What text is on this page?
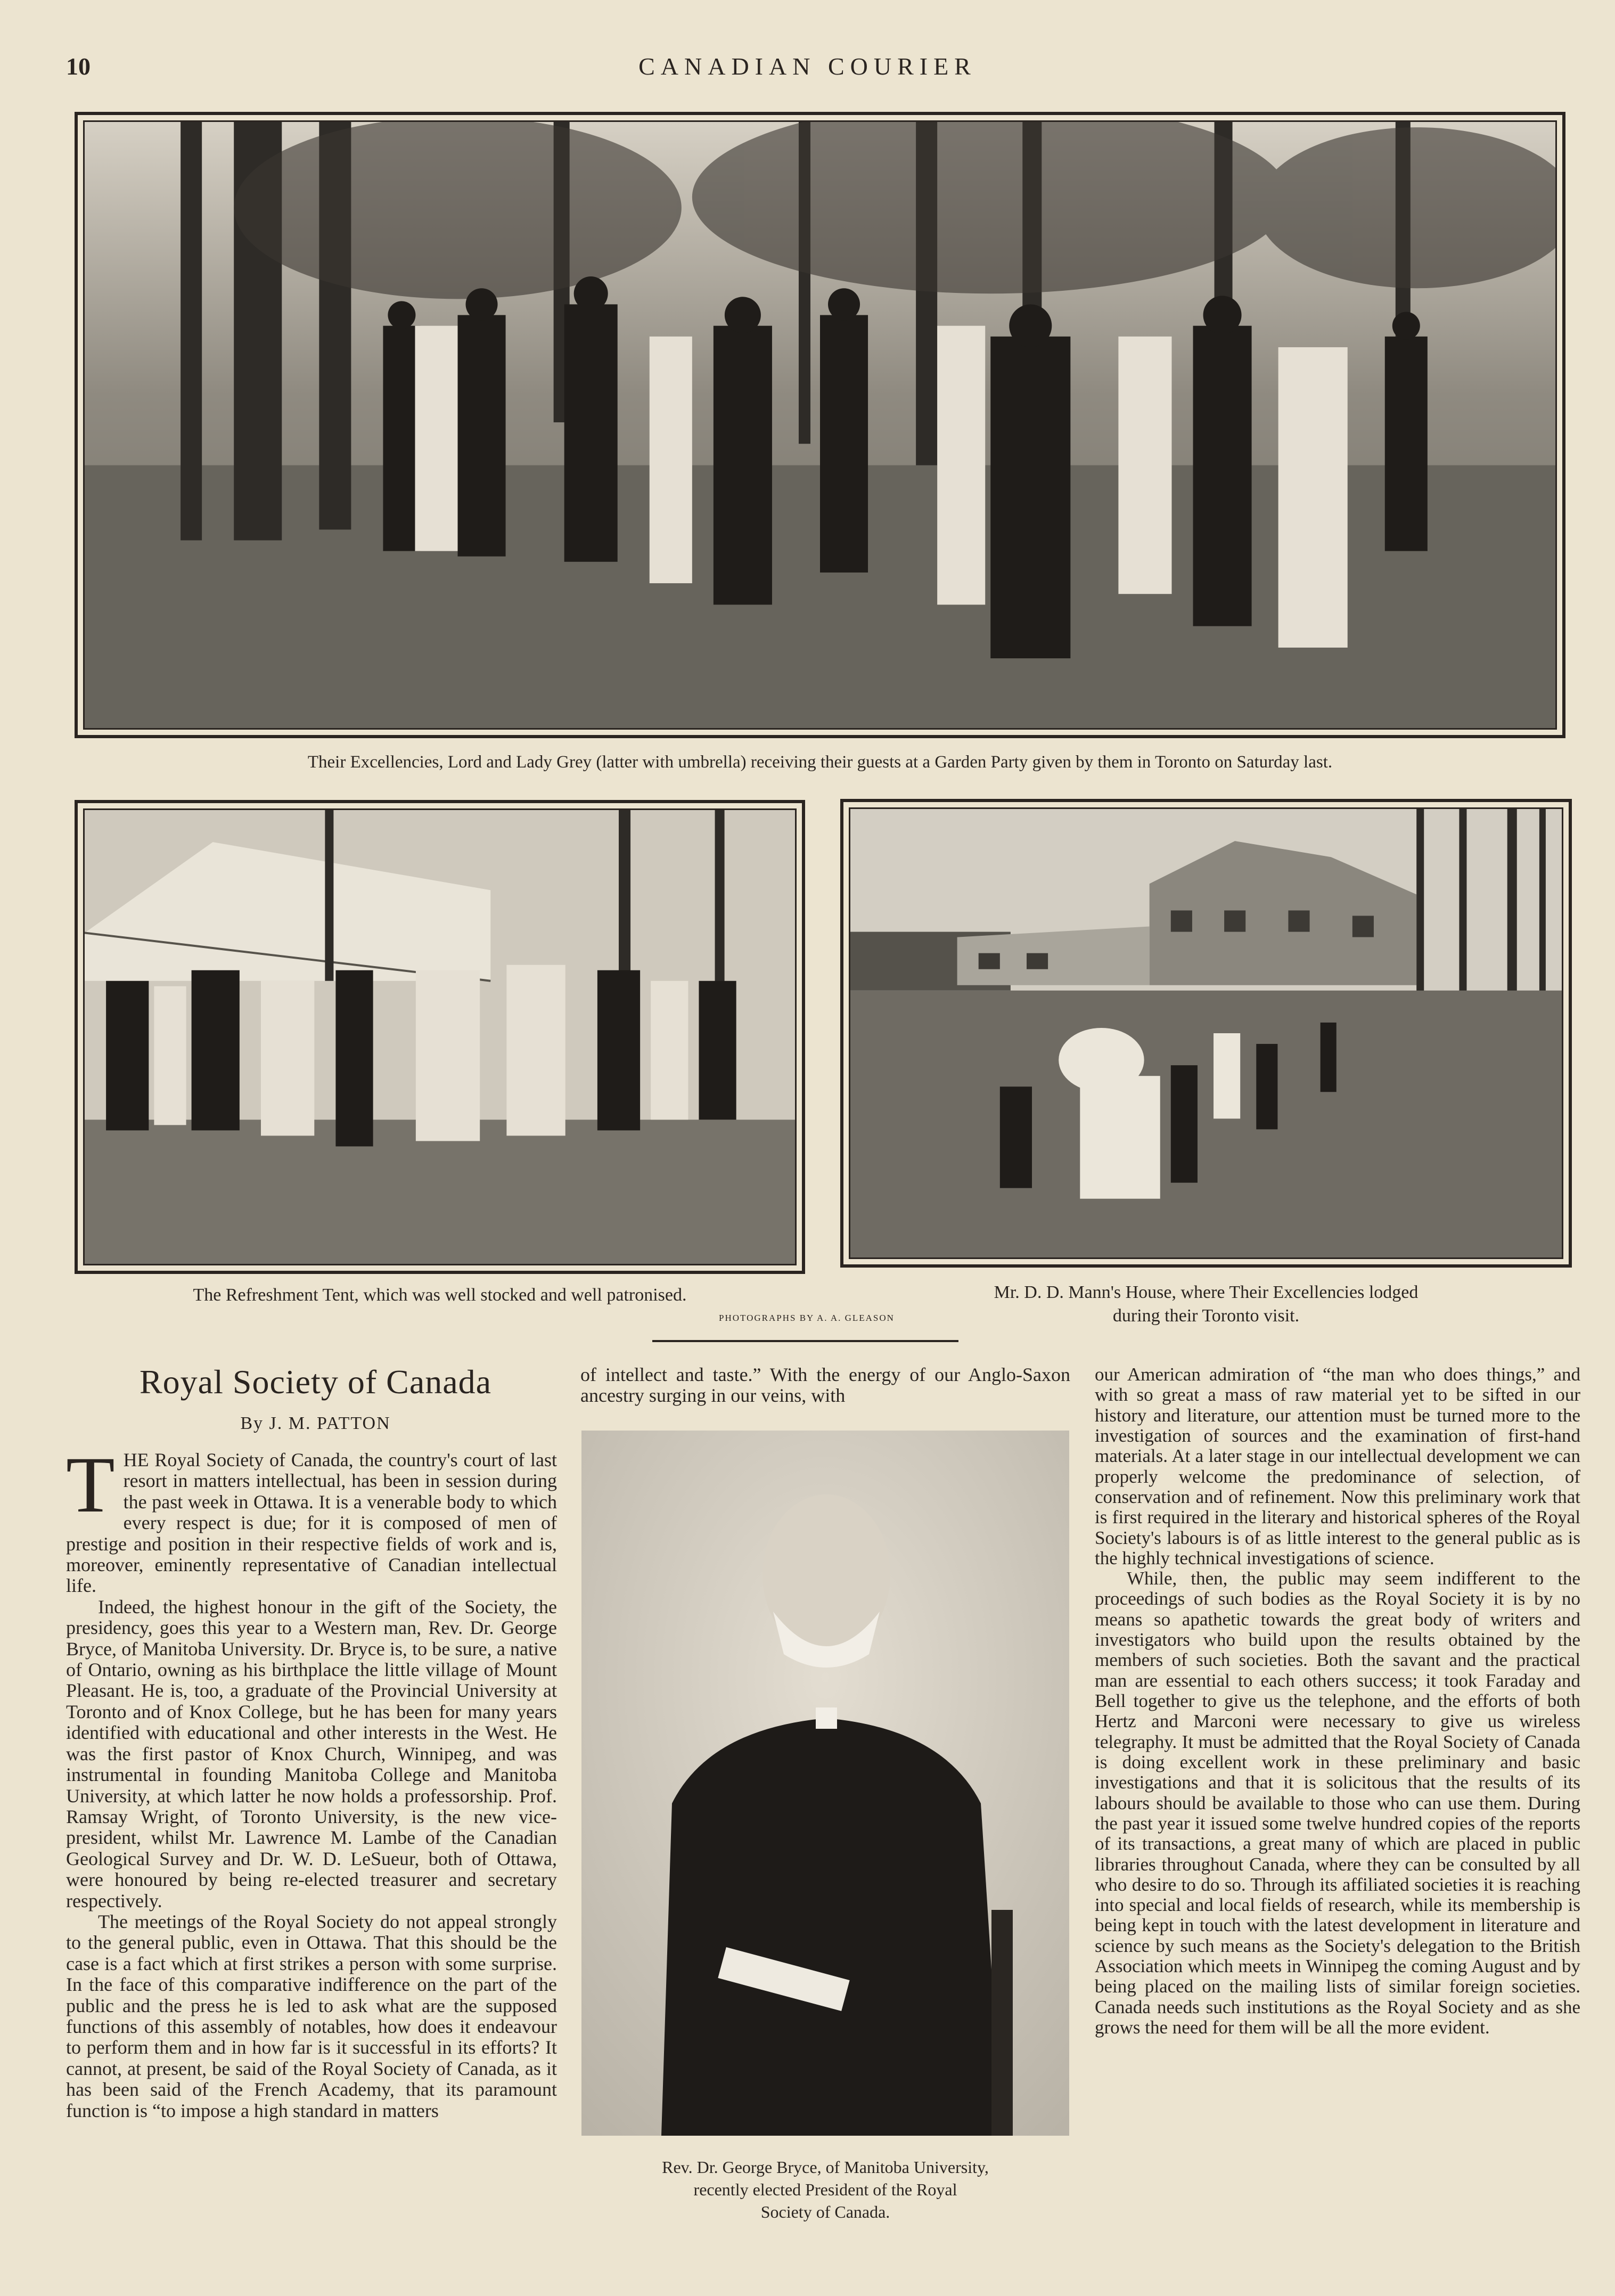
10	CANADIAN COURIER
Their Excellencies, Lord and Lady Grey (latter with umbrella) receiving their guests at a Garden Party given by them in Toronto on Saturday last.
The Refreshment Tent, which was well stocked and well patronised.
PHOTOGRAPHS BY A. A. GLEASON
Mr. D. D. Mann's House, where Their Excellencies lodged
during their Toronto visit.
Royal Society of Canada
By J. M. PATTON

THE Royal Society of Canada, the country's court of last resort in matters intellectual, has been in session during the past week in Ottawa. It is a venerable body to which every respect is due; for it is composed of men of prestige and position in their respective fields of work and is, moreover, eminently representative of Canadian intellectual life.

Indeed, the highest honour in the gift of the Society, the presidency, goes this year to a Western man, Rev. Dr. George Bryce, of Manitoba University. Dr. Bryce is, to be sure, a native of Ontario, owning as his birthplace the little village of Mount Pleasant. He is, too, a graduate of the Provincial University at Toronto and of Knox College, but he has been for many years identified with educational and other interests in the West. He was the first pastor of Knox Church, Winnipeg, and was instrumental in founding Manitoba College and Manitoba University, at which latter he now holds a professorship. Prof. Ramsay Wright, of Toronto University, is the new vice-president, whilst Mr. Lawrence M. Lambe of the Canadian Geological Survey and Dr. W. D. LeSueur, both of Ottawa, were honoured by being re-elected treasurer and secretary respectively.

The meetings of the Royal Society do not appeal strongly to the general public, even in Ottawa. That this should be the case is a fact which at first strikes a person with some surprise. In the face of this comparative indifference on the part of the public and the press he is led to ask what are the supposed functions of this assembly of notables, how does it endeavour to perform them and in how far is it successful in its efforts? It cannot, at present, be said of the Royal Society of Canada, as it has been said of the French Academy, that its paramount function is “to impose a high standard in matters

of intellect and taste.” With the energy of our Anglo-Saxon ancestry surging in our veins, with
Rev. Dr. George Bryce, of Manitoba University,
recently elected President of the Royal
Society of Canada.

our American admiration of “the man who does things,” and with so great a mass of raw material yet to be sifted in our history and literature, our attention must be turned more to the investigation of sources and the examination of first-hand materials. At a later stage in our intellectual development we can properly welcome the predominance of selection, of conservation and of refinement. Now this preliminary work that is first required in the literary and historical spheres of the Royal Society's labours is of as little interest to the general public as is the highly technical investigations of science.

While, then, the public may seem indifferent to the proceedings of such bodies as the Royal Society it is by no means so apathetic towards the great body of writers and investigators who build upon the results obtained by the members of such societies. Both the savant and the practical man are essential to each others success; it took Faraday and Bell together to give us the telephone, and the efforts of both Hertz and Marconi were necessary to give us wireless telegraphy. It must be admitted that the Royal Society of Canada is doing excellent work in these preliminary and basic investigations and that it is solicitous that the results of its labours should be available to those who can use them. During the past year it issued some twelve hundred copies of the reports of its transactions, a great many of which are placed in public libraries throughout Canada, where they can be consulted by all who desire to do so. Through its affiliated societies it is reaching into special and local fields of research, while its membership is being kept in touch with the latest development in literature and science by such means as the Society's delegation to the British Association which meets in Winnipeg the coming August and by being placed on the mailing lists of similar foreign societies. Canada needs such institutions as the Royal Society and as she grows the need for them will be all the more evident.
